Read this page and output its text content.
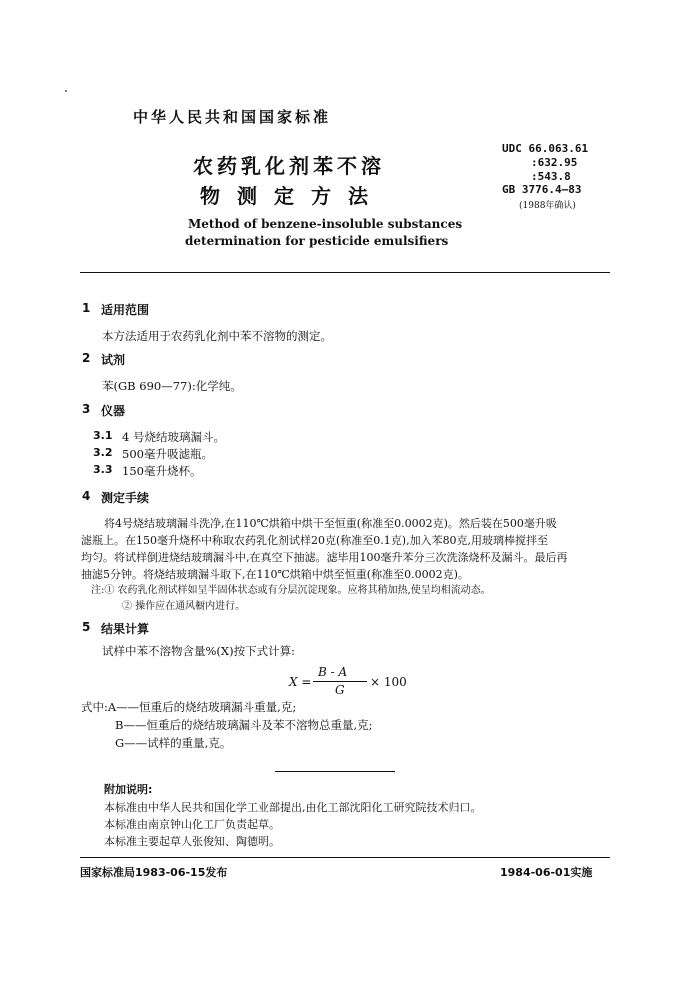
中华人民共和国国家标准
农药乳化剂苯不溶
物测定方法
Method of benzene-insoluble substances
determination for pesticide emulsifiers
UDC 66.063.61
:632.95
:543.8
GB 3776.4—83
(1988年确认)
1 适用范围
本方法适用于农药乳化剂中苯不溶物的测定。
2 试剂
苯(GB 690—77):化学纯。
3 仪器
3.1 4 号烧结玻璃漏斗。
3.2 500毫升吸滤瓶。
3.3 150毫升烧杯。
4 测定手续
将4号烧结玻璃漏斗洗净,在110℃烘箱中烘干至恒重(称准至0.0002克)。然后装在500毫升吸
滤瓶上。在150毫升烧杯中称取农药乳化剂试样20克(称准至0.1克),加入苯80克,用玻璃棒搅拌至
均匀。将试样倒进烧结玻璃漏斗中,在真空下抽滤。滤毕用100毫升苯分三次洗涤烧杯及漏斗。最后再
抽滤5分钟。将烧结玻璃漏斗取下,在110℃烘箱中烘至恒重(称准至0.0002克)。
注:① 农药乳化剂试样如呈半固体状态或有分层沉淀现象。应将其稍加热,使呈均相流动态。
② 操作应在通风橱内进行。
5 结果计算
试样中苯不溶物含量%(X)按下式计算:
X =
B - A
G
× 100
式中:A——恒重后的烧结玻璃漏斗重量,克;
B——恒重后的烧结玻璃漏斗及苯不溶物总重量,克;
G——试样的重量,克。
附加说明:
本标准由中华人民共和国化学工业部提出,由化工部沈阳化工研究院技术归口。
本标准由南京钟山化工厂负责起草。
本标准主要起草人张俊知、陶德明。
国家标准局1983-06-15发布	1984-06-01实施
